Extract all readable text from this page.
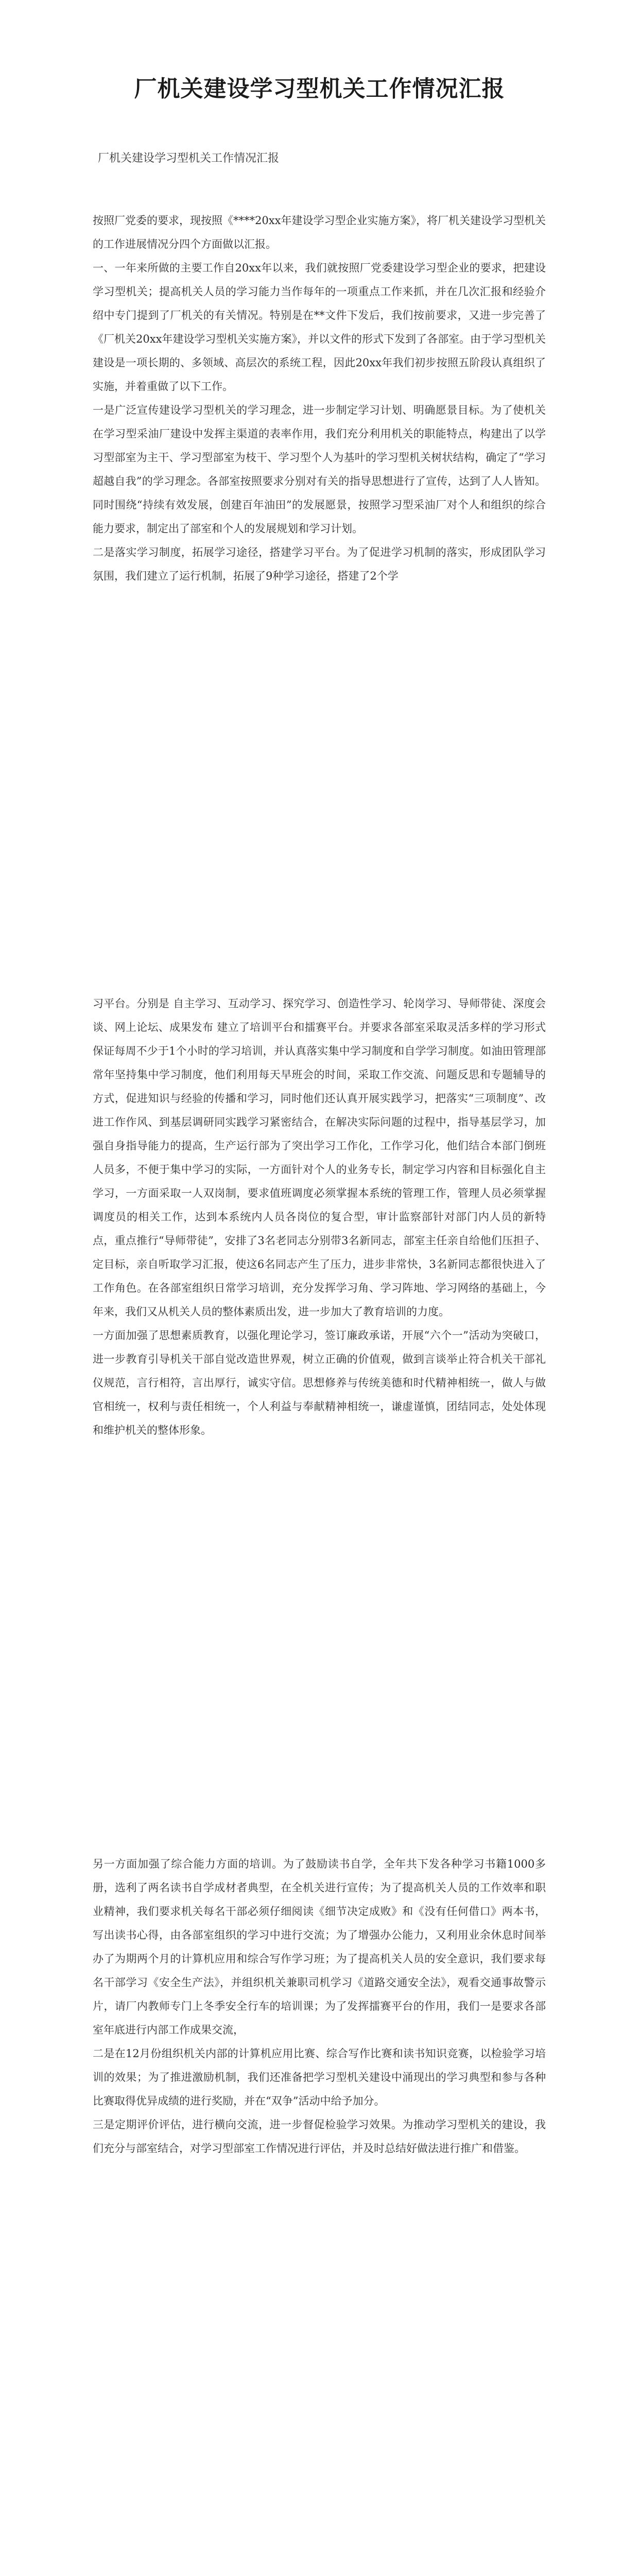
厂机关建设学习型机关工作情况汇报
厂机关建设学习型机关工作情况汇报

按照厂党委的要求，现按照《****20xx年建设学习型企业实施方案》，将厂机关建设学习型机关的工作进展情况分四个方面做以汇报。

一、一年来所做的主要工作自20xx年以来，我们就按照厂党委建设学习型企业的要求，把建设学习型机关；提高机关人员的学习能力当作每年的一项重点工作来抓，并在几次汇报和经验介绍中专门提到了厂机关的有关情况。特别是在**文件下发后，我们按前要求，又进一步完善了《厂机关20xx年建设学习型机关实施方案》，并以文件的形式下发到了各部室。由于学习型机关建设是一项长期的、多领域、高层次的系统工程，因此20xx年我们初步按照五阶段认真组织了实施，并着重做了以下工作。

一是广泛宣传建设学习型机关的学习理念，进一步制定学习计划、明确愿景目标。为了使机关在学习型采油厂建设中发挥主渠道的表率作用，我们充分利用机关的职能特点，构建出了以学习型部室为主干、学习型部室为枝干、学习型个人为基叶的学习型机关树状结构，确定了“学习超越自我”的学习理念。各部室按照要求分别对有关的指导思想进行了宣传，达到了人人皆知。同时围绕“持续有效发展，创建百年油田”的发展愿景，按照学习型采油厂对个人和组织的综合能力要求，制定出了部室和个人的发展规划和学习计划。

二是落实学习制度，拓展学习途径，搭建学习平台。为了促进学习机制的落实，形成团队学习氛围，我们建立了运行机制，拓展了9种学习途径，搭建了2个学

习平台。分别是 自主学习、互动学习、探究学习、创造性学习、轮岗学习、导师带徒、深度会谈、网上论坛、成果发布 建立了培训平台和擂赛平台。并要求各部室采取灵活多样的学习形式保证每周不少于1个小时的学习培训，并认真落实集中学习制度和自学学习制度。如油田管理部常年坚持集中学习制度，他们利用每天早班会的时间，采取工作交流、问题反思和专题辅导的方式，促进知识与经验的传播和学习，同时他们还认真开展实践学习，把落实“三项制度”、改进工作作风、到基层调研同实践学习紧密结合，在解决实际问题的过程中，指导基层学习，加强自身指导能力的提高，生产运行部为了突出学习工作化，工作学习化，他们结合本部门倒班人员多，不便于集中学习的实际，一方面针对个人的业务专长，制定学习内容和目标强化自主学习，一方面采取一人双岗制，要求值班调度必须掌握本系统的管理工作，管理人员必须掌握调度员的相关工作，达到本系统内人员各岗位的复合型，审计监察部针对部门内人员的新特点，重点推行“导师带徒”，安排了3名老同志分别带3名新同志，部室主任亲自给他们压担子、定目标，亲自听取学习汇报，使这6名同志产生了压力，进步非常快，3名新同志都很快进入了工作角色。在各部室组织日常学习培训，充分发挥学习角、学习阵地、学习网络的基础上，今年来，我们又从机关人员的整体素质出发，进一步加大了教育培训的力度。

一方面加强了思想素质教育，以强化理论学习，签订廉政承诺，开展“六个一”活动为突破口，进一步教育引导机关干部自觉改造世界观，树立正确的价值观，做到言谈举止符合机关干部礼仪规范，言行相符，言出厚行，诚实守信。思想修养与传统美德和时代精神相统一，做人与做官相统一，权利与责任相统一，个人利益与奉献精神相统一，谦虚谨慎，团结同志，处处体现和维护机关的整体形象。

另一方面加强了综合能力方面的培训。为了鼓励读书自学，全年共下发各种学习书籍1000多册，选利了两名读书自学成材者典型，在全机关进行宣传；为了提高机关人员的工作效率和职业精神，我们要求机关每名干部必须仔细阅读《细节决定成败》和《没有任何借口》两本书，写出读书心得，由各部室组织的学习中进行交流；为了增强办公能力，又利用业余休息时间举办了为期两个月的计算机应用和综合写作学习班；为了提高机关人员的安全意识，我们要求每名干部学习《安全生产法》，并组织机关兼职司机学习《道路交通安全法》，观看交通事故警示片，请厂内教师专门上冬季安全行车的培训课；为了发挥擂赛平台的作用，我们一是要求各部室年底进行内部工作成果交流，

二是在12月份组织机关内部的计算机应用比赛、综合写作比赛和读书知识竞赛，以检验学习培训的效果；为了推进激励机制，我们还准备把学习型机关建设中涌现出的学习典型和参与各种比赛取得优异成绩的进行奖励，并在“双争”活动中给予加分。

三是定期评价评估，进行横向交流，进一步督促检验学习效果。为推动学习型机关的建设，我们充分与部室结合，对学习型部室工作情况进行评估，并及时总结好做法进行推广和借鉴。
